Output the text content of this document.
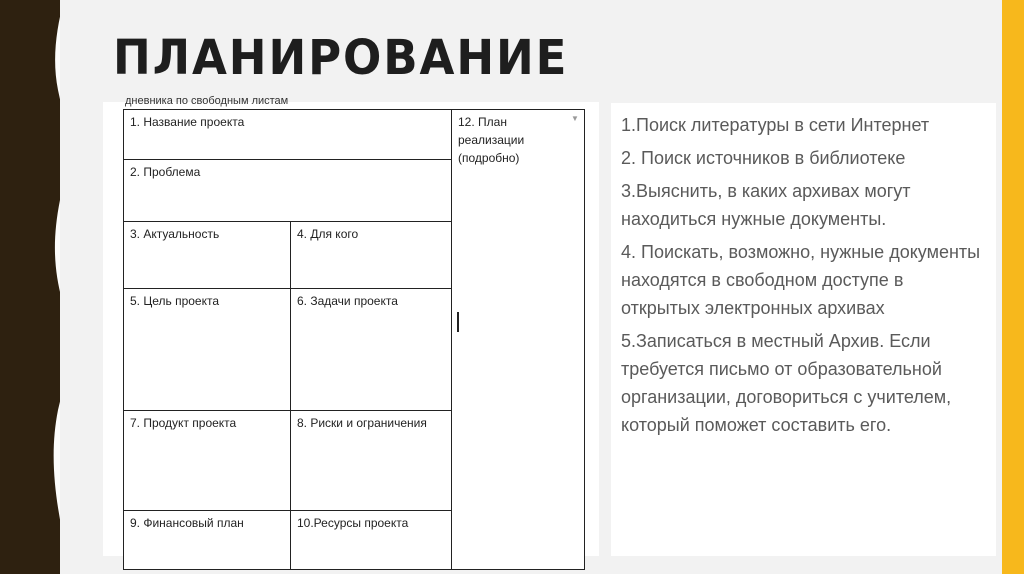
ПЛАНИРОВАНИЕ
дневника по свободным листам
1. Название проекта
2. Проблема
3. Актуальность	4. Для кого
5. Цель проекта	6. Задачи проекта
7. Продукт проекта	8. Риски и ограничения
9. Финансовый план	10.Ресурсы проекта
12. План реализации (подробно)
▼ 1.Поиск литературы в сети Интернет
2. Поиск источников в библиотеке
3.Выяснить, в каких архивах могут находиться нужные документы.
4. Поискать, возможно, нужные документы находятся в свободном доступе в открытых электронных архивах
5.Записаться в местный Архив. Если требуется письмо от образовательной организации, договориться с учителем, который поможет составить его.
